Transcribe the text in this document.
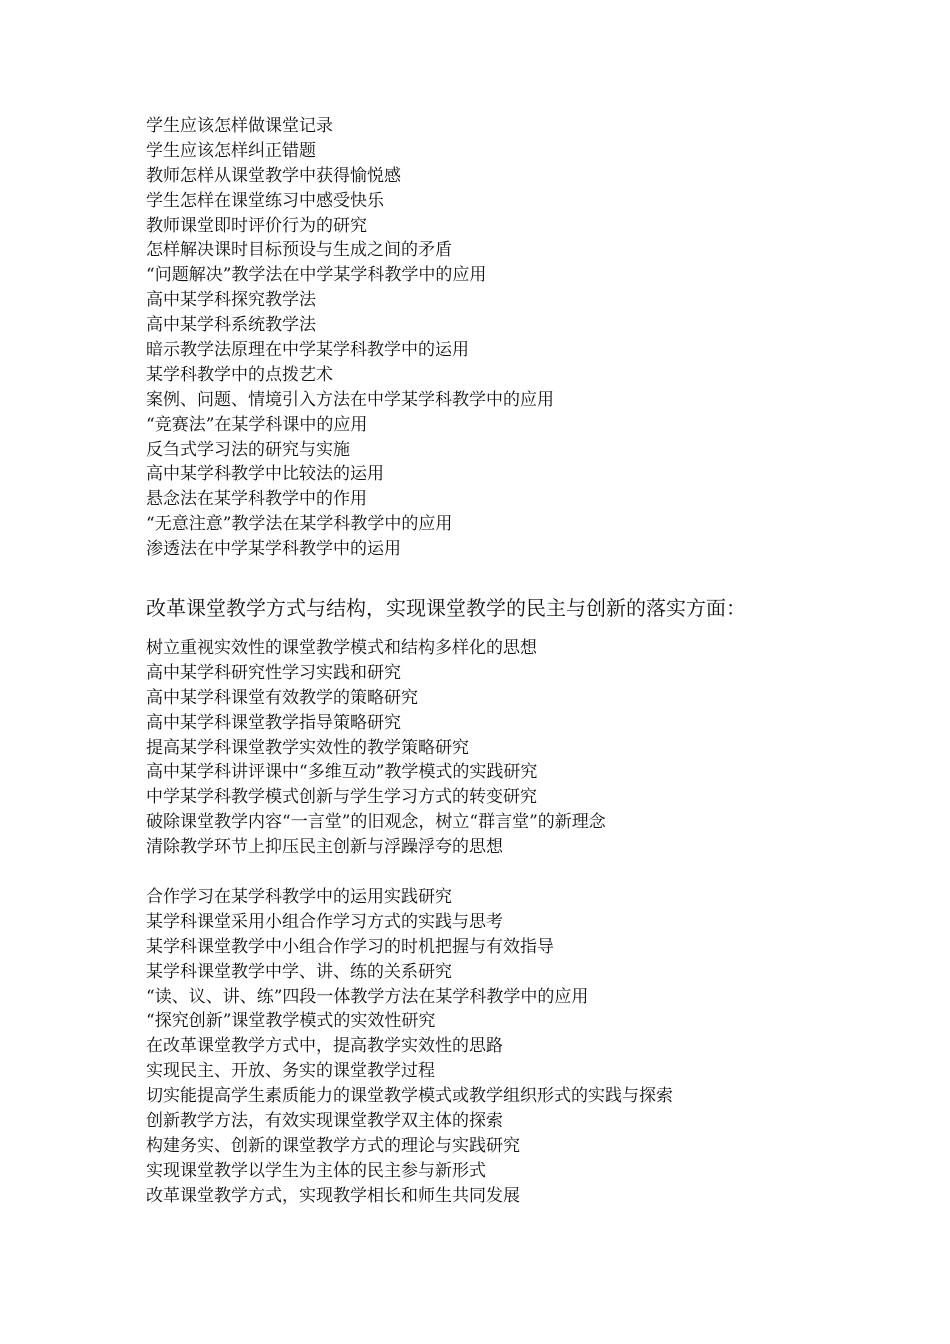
学生应该怎样做课堂记录
学生应该怎样纠正错题
教师怎样从课堂教学中获得愉悦感
学生怎样在课堂练习中感受快乐
教师课堂即时评价行为的研究
怎样解决课时目标预设与生成之间的矛盾
“问题解决”教学法在中学某学科教学中的应用
高中某学科探究教学法
高中某学科系统教学法
暗示教学法原理在中学某学科教学中的运用
某学科教学中的点拨艺术
案例、问题、情境引入方法在中学某学科教学中的应用
“竞赛法”在某学科课中的应用
反刍式学习法的研究与实施
高中某学科教学中比较法的运用
悬念法在某学科教学中的作用
“无意注意”教学法在某学科教学中的应用
渗透法在中学某学科教学中的运用
改革课堂教学方式与结构，实现课堂教学的民主与创新的落实方面：
树立重视实效性的课堂教学模式和结构多样化的思想
高中某学科研究性学习实践和研究
高中某学科课堂有效教学的策略研究
高中某学科课堂教学指导策略研究
提高某学科课堂教学实效性的教学策略研究
高中某学科讲评课中“多维互动”教学模式的实践研究
中学某学科教学模式创新与学生学习方式的转变研究
破除课堂教学内容“一言堂”的旧观念，树立“群言堂”的新理念
清除教学环节上抑压民主创新与浮躁浮夸的思想
合作学习在某学科教学中的运用实践研究
某学科课堂采用小组合作学习方式的实践与思考
某学科课堂教学中小组合作学习的时机把握与有效指导
某学科课堂教学中学、讲、练的关系研究
“读、议、讲、练”四段一体教学方法在某学科教学中的应用
“探究创新”课堂教学模式的实效性研究
在改革课堂教学方式中，提高教学实效性的思路
实现民主、开放、务实的课堂教学过程
切实能提高学生素质能力的课堂教学模式或教学组织形式的实践与探索
创新教学方法，有效实现课堂教学双主体的探索
构建务实、创新的课堂教学方式的理论与实践研究
实现课堂教学以学生为主体的民主参与新形式
改革课堂教学方式，实现教学相长和师生共同发展
